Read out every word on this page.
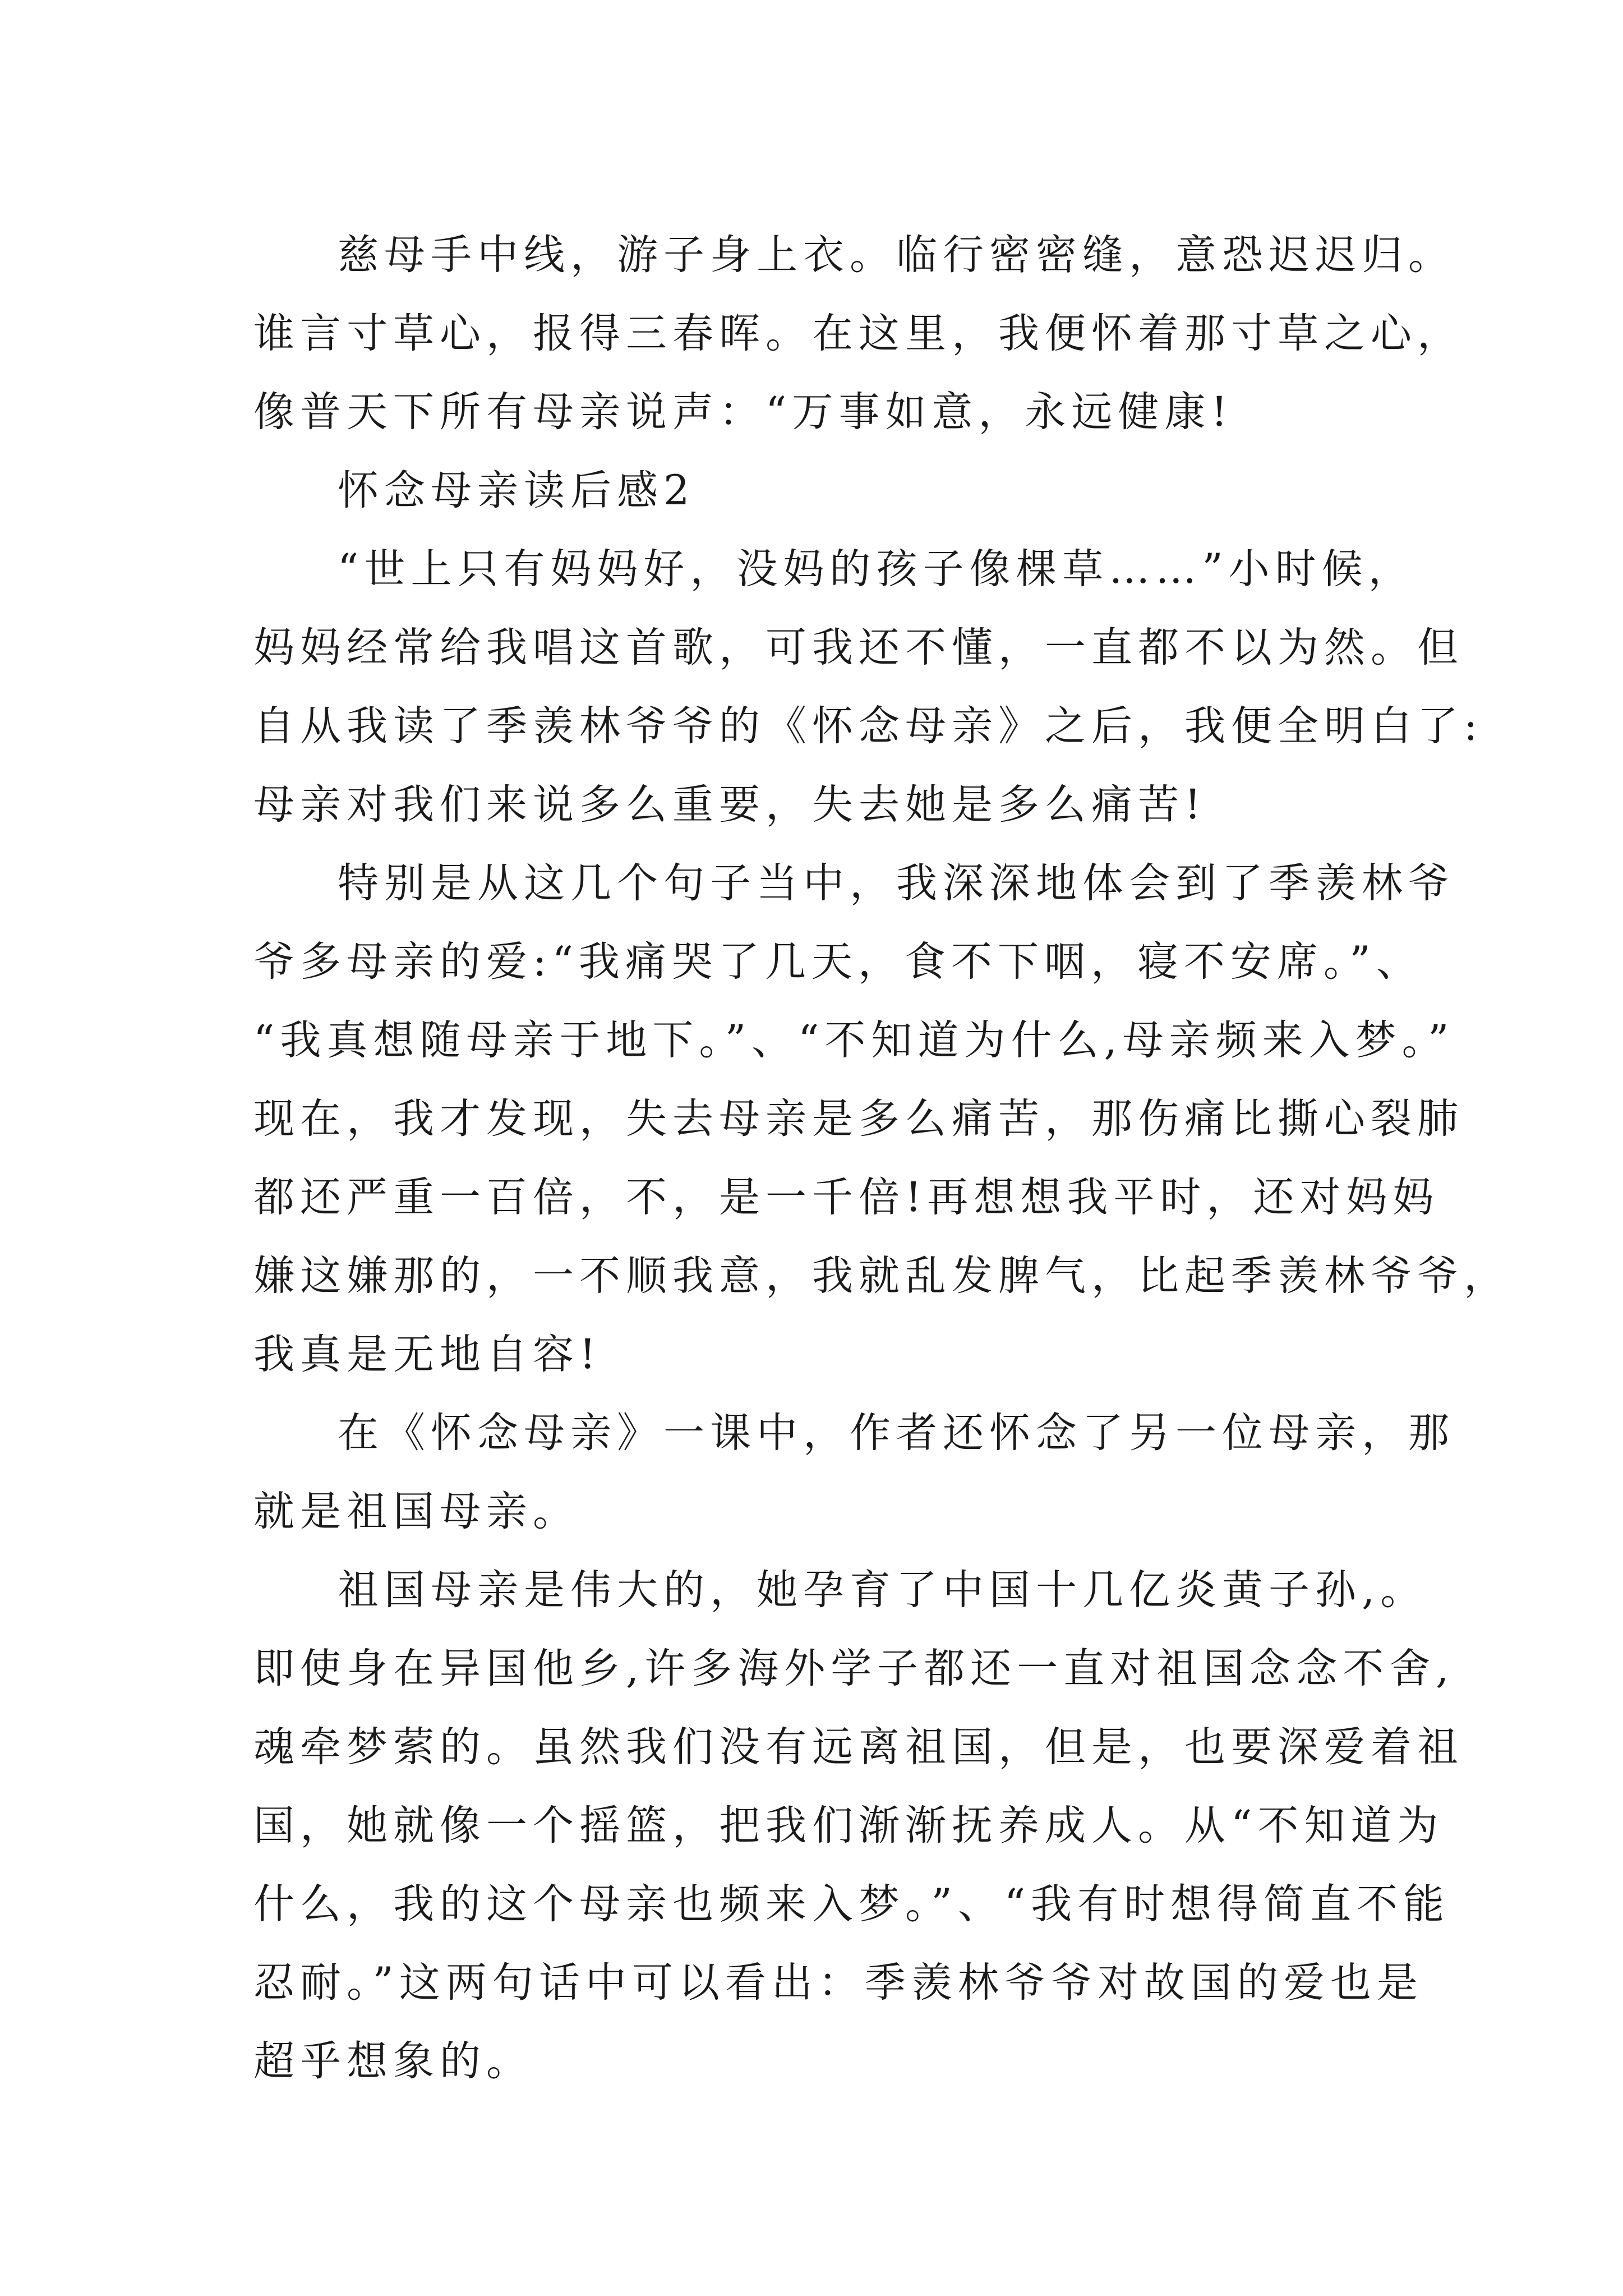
慈母手中线，游子身上衣。临行密密缝，意恐迟迟归。
谁言寸草心，报得三春晖。在这里，我便怀着那寸草之心，
像普天下所有母亲说声：“万事如意，永远健康!
怀念母亲读后感2
“世上只有妈妈好，没妈的孩子像棵草……”小时候，
妈妈经常给我唱这首歌，可我还不懂，一直都不以为然。但
自从我读了季羡林爷爷的《怀念母亲》之后，我便全明白了:
母亲对我们来说多么重要，失去她是多么痛苦!
特别是从这几个句子当中，我深深地体会到了季羡林爷
爷多母亲的爱:“我痛哭了几天，食不下咽，寝不安席。”、
“我真想随母亲于地下。”、“不知道为什么,母亲频来入梦。”
现在，我才发现，失去母亲是多么痛苦，那伤痛比撕心裂肺
都还严重一百倍，不，是一千倍!再想想我平时，还对妈妈
嫌这嫌那的，一不顺我意，我就乱发脾气，比起季羡林爷爷，
我真是无地自容!
在《怀念母亲》一课中，作者还怀念了另一位母亲，那
就是祖国母亲。
祖国母亲是伟大的，她孕育了中国十几亿炎黄子孙,。
即使身在异国他乡,许多海外学子都还一直对祖国念念不舍,
魂牵梦萦的。虽然我们没有远离祖国，但是，也要深爱着祖
国，她就像一个摇篮，把我们渐渐抚养成人。从“不知道为
什么，我的这个母亲也频来入梦。”、“我有时想得简直不能
忍耐。”这两句话中可以看出：季羡林爷爷对故国的爱也是
超乎想象的。
